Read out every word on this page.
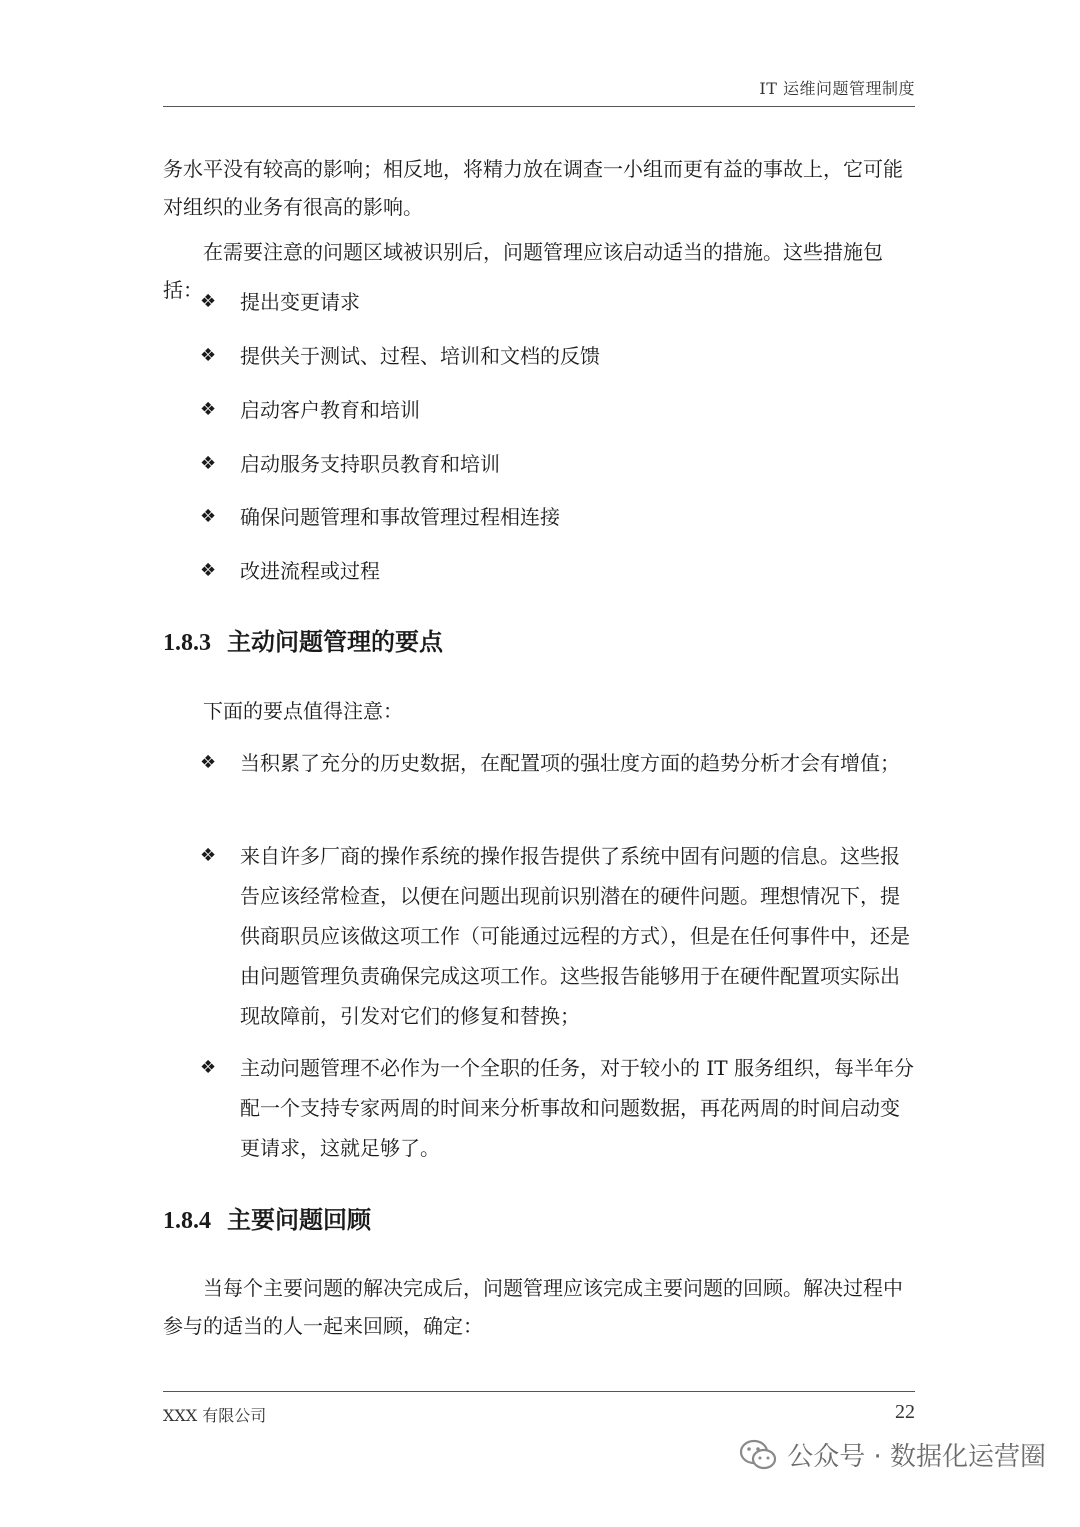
IT 运维问题管理制度

务水平没有较高的影响；相反地，将精力放在调查一小组而更有益的事故上，它可能对组织的业务有很高的影响。

在需要注意的问题区域被识别后，问题管理应该启动适当的措施。这些措施包括：

❖	提出变更请求
❖	提供关于测试、过程、培训和文档的反馈
❖	启动客户教育和培训
❖	启动服务支持职员教育和培训
❖	确保问题管理和事故管理过程相连接
❖	改进流程或过程
1.8.3 主动问题管理的要点

下面的要点值得注意：

❖	当积累了充分的历史数据，在配置项的强壮度方面的趋势分析才会有增值；
❖	来自许多厂商的操作系统的操作报告提供了系统中固有问题的信息。这些报告应该经常检查，以便在问题出现前识别潜在的硬件问题。理想情况下，提供商职员应该做这项工作（可能通过远程的方式），但是在任何事件中，还是由问题管理负责确保完成这项工作。这些报告能够用于在硬件配置项实际出现故障前，引发对它们的修复和替换；
❖	主动问题管理不必作为一个全职的任务，对于较小的 IT 服务组织，每半年分配一个支持专家两周的时间来分析事故和问题数据，再花两周的时间启动变更请求，这就足够了。
1.8.4 主要问题回顾

当每个主要问题的解决完成后，问题管理应该完成主要问题的回顾。解决过程中参与的适当的人一起来回顾，确定：

XXX 有限公司	22
公众号 · 数据化运营圈
